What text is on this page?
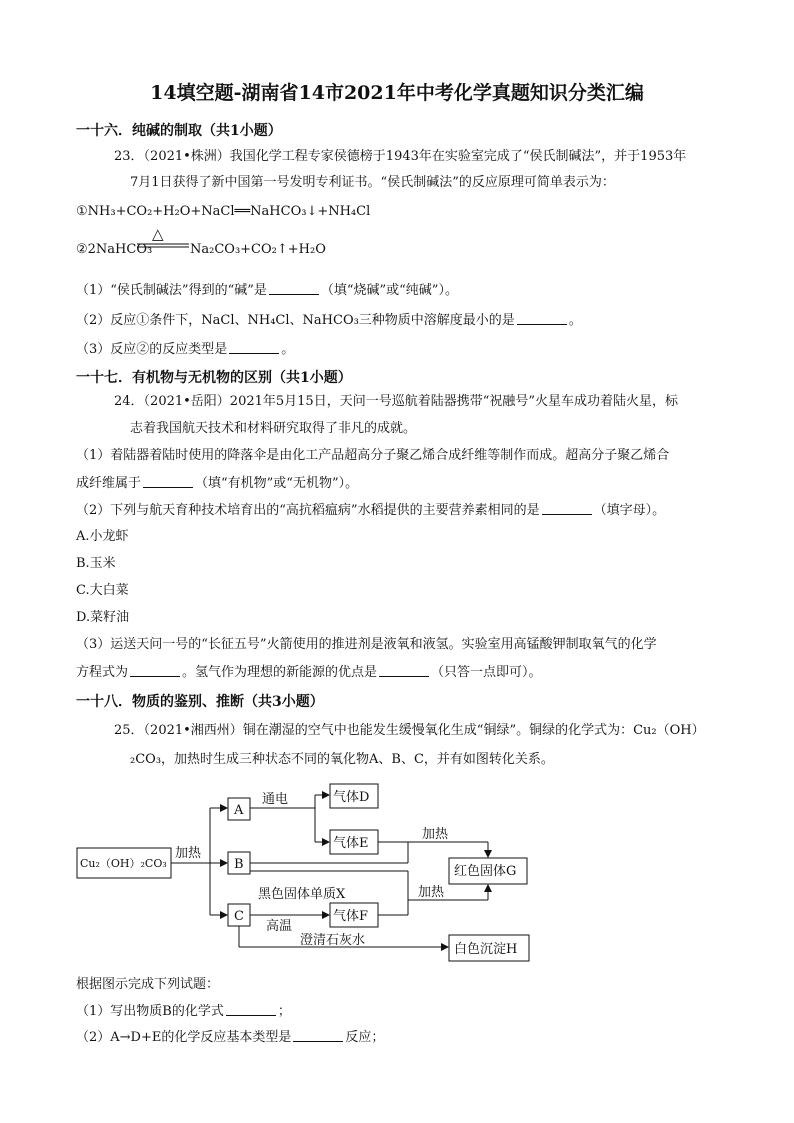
14填空题-湖南省14市2021年中考化学真题知识分类汇编
一十六．纯碱的制取（共1小题）
23．（2021•株洲）我国化学工程专家侯德榜于1943年在实验室完成了“侯氏制碱法”，并于1953年
7月1日获得了新中国第一号发明专利证书。“侯氏制碱法”的反应原理可简单表示为：
①NH₃+CO₂+H₂O+NaCl══NaHCO₃↓+NH₄Cl
②2NaHCO₃
△
Na₂CO₃+CO₂↑+H₂O
（1）“侯氏制碱法”得到的“碱”是	（填“烧碱”或“纯碱”）。
（2）反应①条件下，NaCl、NH₄Cl、NaHCO₃三种物质中溶解度最小的是	。
（3）反应②的反应类型是	。
一十七．有机物与无机物的区别（共1小题）
24．（2021•岳阳）2021年5月15日，天问一号巡航着陆器携带“祝融号”火星车成功着陆火星，标
志着我国航天技术和材料研究取得了非凡的成就。
（1）着陆器着陆时使用的降落伞是由化工产品超高分子聚乙烯合成纤维等制作而成。超高分子聚乙烯合
成纤维属于	（填“有机物”或“无机物”）。
（2）下列与航天育种技术培育出的“高抗稻瘟病”水稻提供的主要营养素相同的是	（填字母）。
A.小龙虾
B.玉米
C.大白菜
D.菜籽油
（3）运送天问一号的“长征五号”火箭使用的推进剂是液氧和液氢。实验室用高锰酸钾制取氧气的化学
方程式为	。氢气作为理想的新能源的优点是	（只答一点即可）。
一十八．物质的鉴别、推断（共3小题）
25．（2021•湘西州）铜在潮湿的空气中也能发生缓慢氧化生成“铜绿”。铜绿的化学式为：Cu₂（OH）
₂CO₃，加热时生成三种状态不同的氧化物A、B、C，并有如图转化关系。
Cu₂（OH）₂CO₃
加热
A
B
C
通电	气体D
气体E
加热
红色固体G
加热
黑色固体单质X
气体F
高温
澄清石灰水
白色沉淀H
根据图示完成下列试题：
（1）写出物质B的化学式	；
（2）A→D+E的化学反应基本类型是	反应；
